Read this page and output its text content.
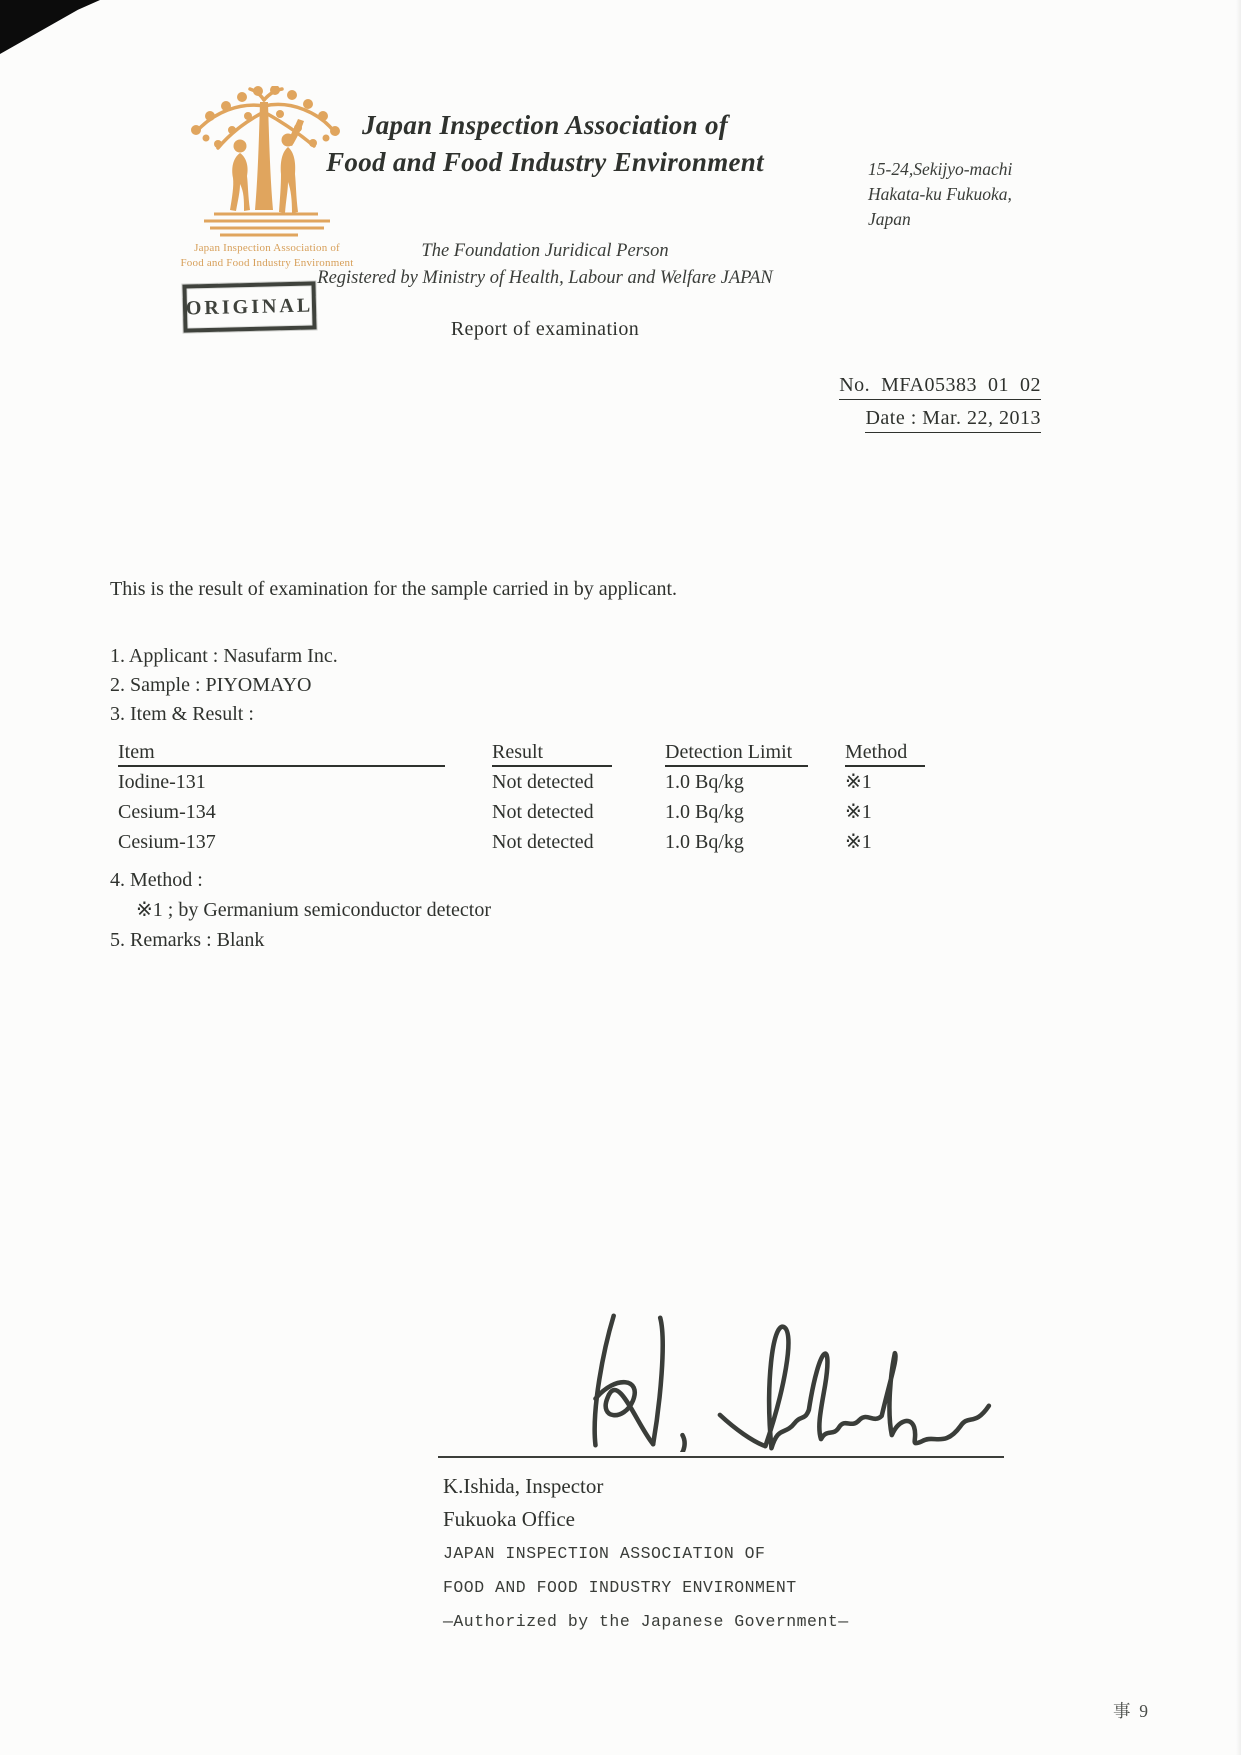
Japan Inspection Association of
Food and Food Industry Environment
Japan Inspection Association of
Food and Food Industry Environment	15-24,Sekijyo-machi
Hakata-ku Fukuoka,
Japan
The Foundation Juridical Person
Registered by Ministry of Health, Labour and Welfare JAPAN
ORIGINAL
Report of examination
No.  MFA05383  01  02
Date : Mar. 22, 2013
This is the result of examination for the sample carried in by applicant.
1. Applicant : Nasufarm Inc.
2. Sample : PIYOMAYO
3. Item & Result :
Item	Result	Detection Limit	Method
Iodine-131	Not detected	1.0 Bq/kg	※1
Cesium-134	Not detected	1.0 Bq/kg	※1
Cesium-137	Not detected	1.0 Bq/kg	※1
4. Method :
※1 ; by Germanium semiconductor detector
5. Remarks : Blank
K.Ishida, Inspector
Fukuoka Office
JAPAN INSPECTION ASSOCIATION OF
FOOD AND FOOD INDUSTRY ENVIRONMENT
—Authorized by the Japanese Government—
事  9
